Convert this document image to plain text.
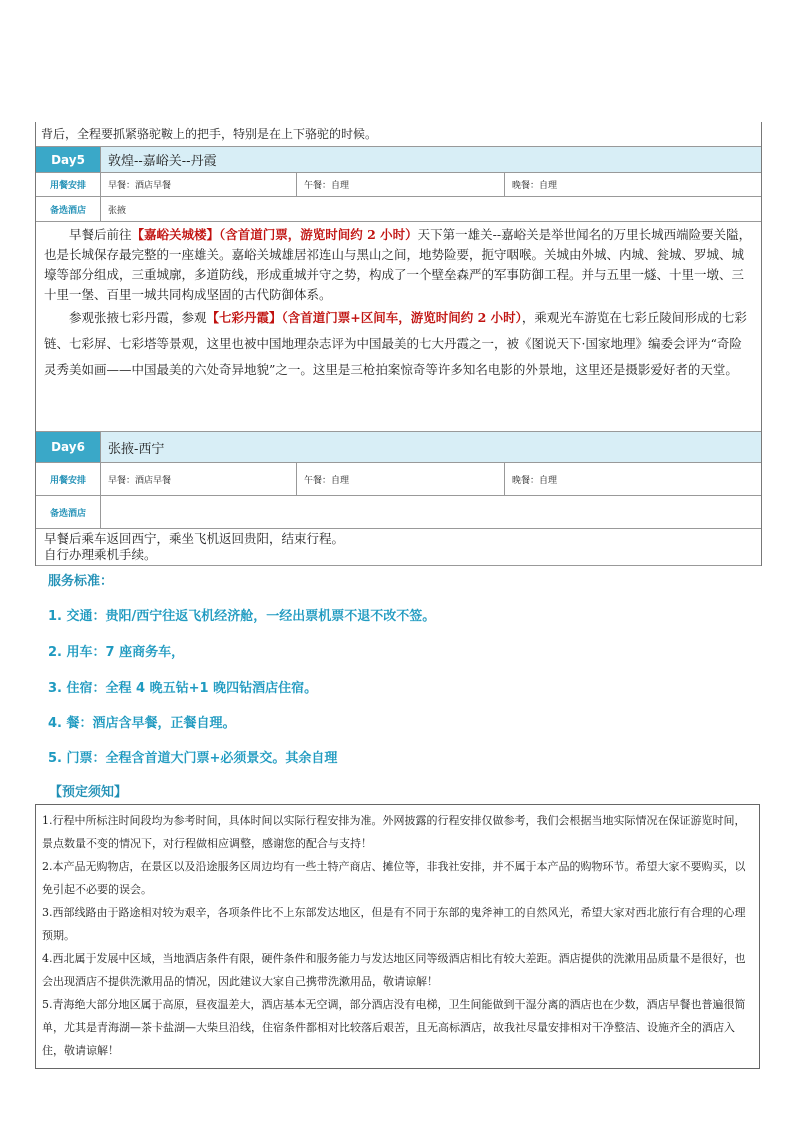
背后，全程要抓紧骆驼鞍上的把手，特别是在上下骆驼的时候。
Day5	敦煌--嘉峪关--丹霞
用餐安排	早餐：酒店早餐	午餐：自理	晚餐：自理
备选酒店	张掖

早餐后前往【嘉峪关城楼】（含首道门票，游览时间约 2 小时）天下第一雄关--嘉峪关是举世闻名的万里长城西端险要关隘，也是长城保存最完整的一座雄关。嘉峪关城雄居祁连山与黑山之间，地势险要，扼守咽喉。关城由外城、内城、瓮城、罗城、城壕等部分组成，三重城廓，多道防线，形成重城并守之势，构成了一个壁垒森严的军事防御工程。并与五里一燧、十里一墩、三十里一堡、百里一城共同构成坚固的古代防御体系。

参观张掖七彩丹霞，参观【七彩丹霞】（含首道门票+区间车，游览时间约 2 小时），乘观光车游览在七彩丘陵间形成的七彩链、七彩屏、七彩塔等景观，这里也被中国地理杂志评为中国最美的七大丹霞之一，被《图说天下·国家地理》编委会评为“奇险灵秀美如画——中国最美的六处奇异地貌”之一。这里是三枪拍案惊奇等许多知名电影的外景地，这里还是摄影爱好者的天堂。

Day6	张掖-西宁
用餐安排	早餐：酒店早餐	午餐：自理	晚餐：自理
备选酒店
早餐后乘车返回西宁，乘坐飞机返回贵阳，结束行程。
自行办理乘机手续。
服务标准：
1. 交通：贵阳/西宁往返飞机经济舱，一经出票机票不退不改不签。
2. 用车：7 座商务车，
3. 住宿：全程 4 晚五钻+1 晚四钻酒店住宿。
4. 餐：酒店含早餐，正餐自理。
5. 门票：全程含首道大门票+必须景交。其余自理
【预定须知】

1.行程中所标注时间段均为参考时间，具体时间以实际行程安排为准。外网披露的行程安排仅做参考，我们会根据当地实际情况在保证游览时间，景点数量不变的情况下，对行程做相应调整，感谢您的配合与支持！

2.本产品无购物店，在景区以及沿途服务区周边均有一些土特产商店、摊位等，非我社安排，并不属于本产品的购物环节。希望大家不要购买，以免引起不必要的误会。

3.西部线路由于路途相对较为艰辛，各项条件比不上东部发达地区，但是有不同于东部的鬼斧神工的自然风光，希望大家对西北旅行有合理的心理预期。

4.西北属于发展中区域，当地酒店条件有限，硬件条件和服务能力与发达地区同等级酒店相比有较大差距。酒店提供的洗漱用品质量不是很好，也会出现酒店不提供洗漱用品的情况，因此建议大家自己携带洗漱用品，敬请谅解！

5.青海绝大部分地区属于高原，昼夜温差大，酒店基本无空调，部分酒店没有电梯，卫生间能做到干湿分离的酒店也在少数，酒店早餐也普遍很简单，尤其是青海湖—茶卡盐湖—大柴旦沿线，住宿条件都相对比较落后艰苦，且无高标酒店，故我社尽量安排相对干净整洁、设施齐全的酒店入住，敬请谅解！
